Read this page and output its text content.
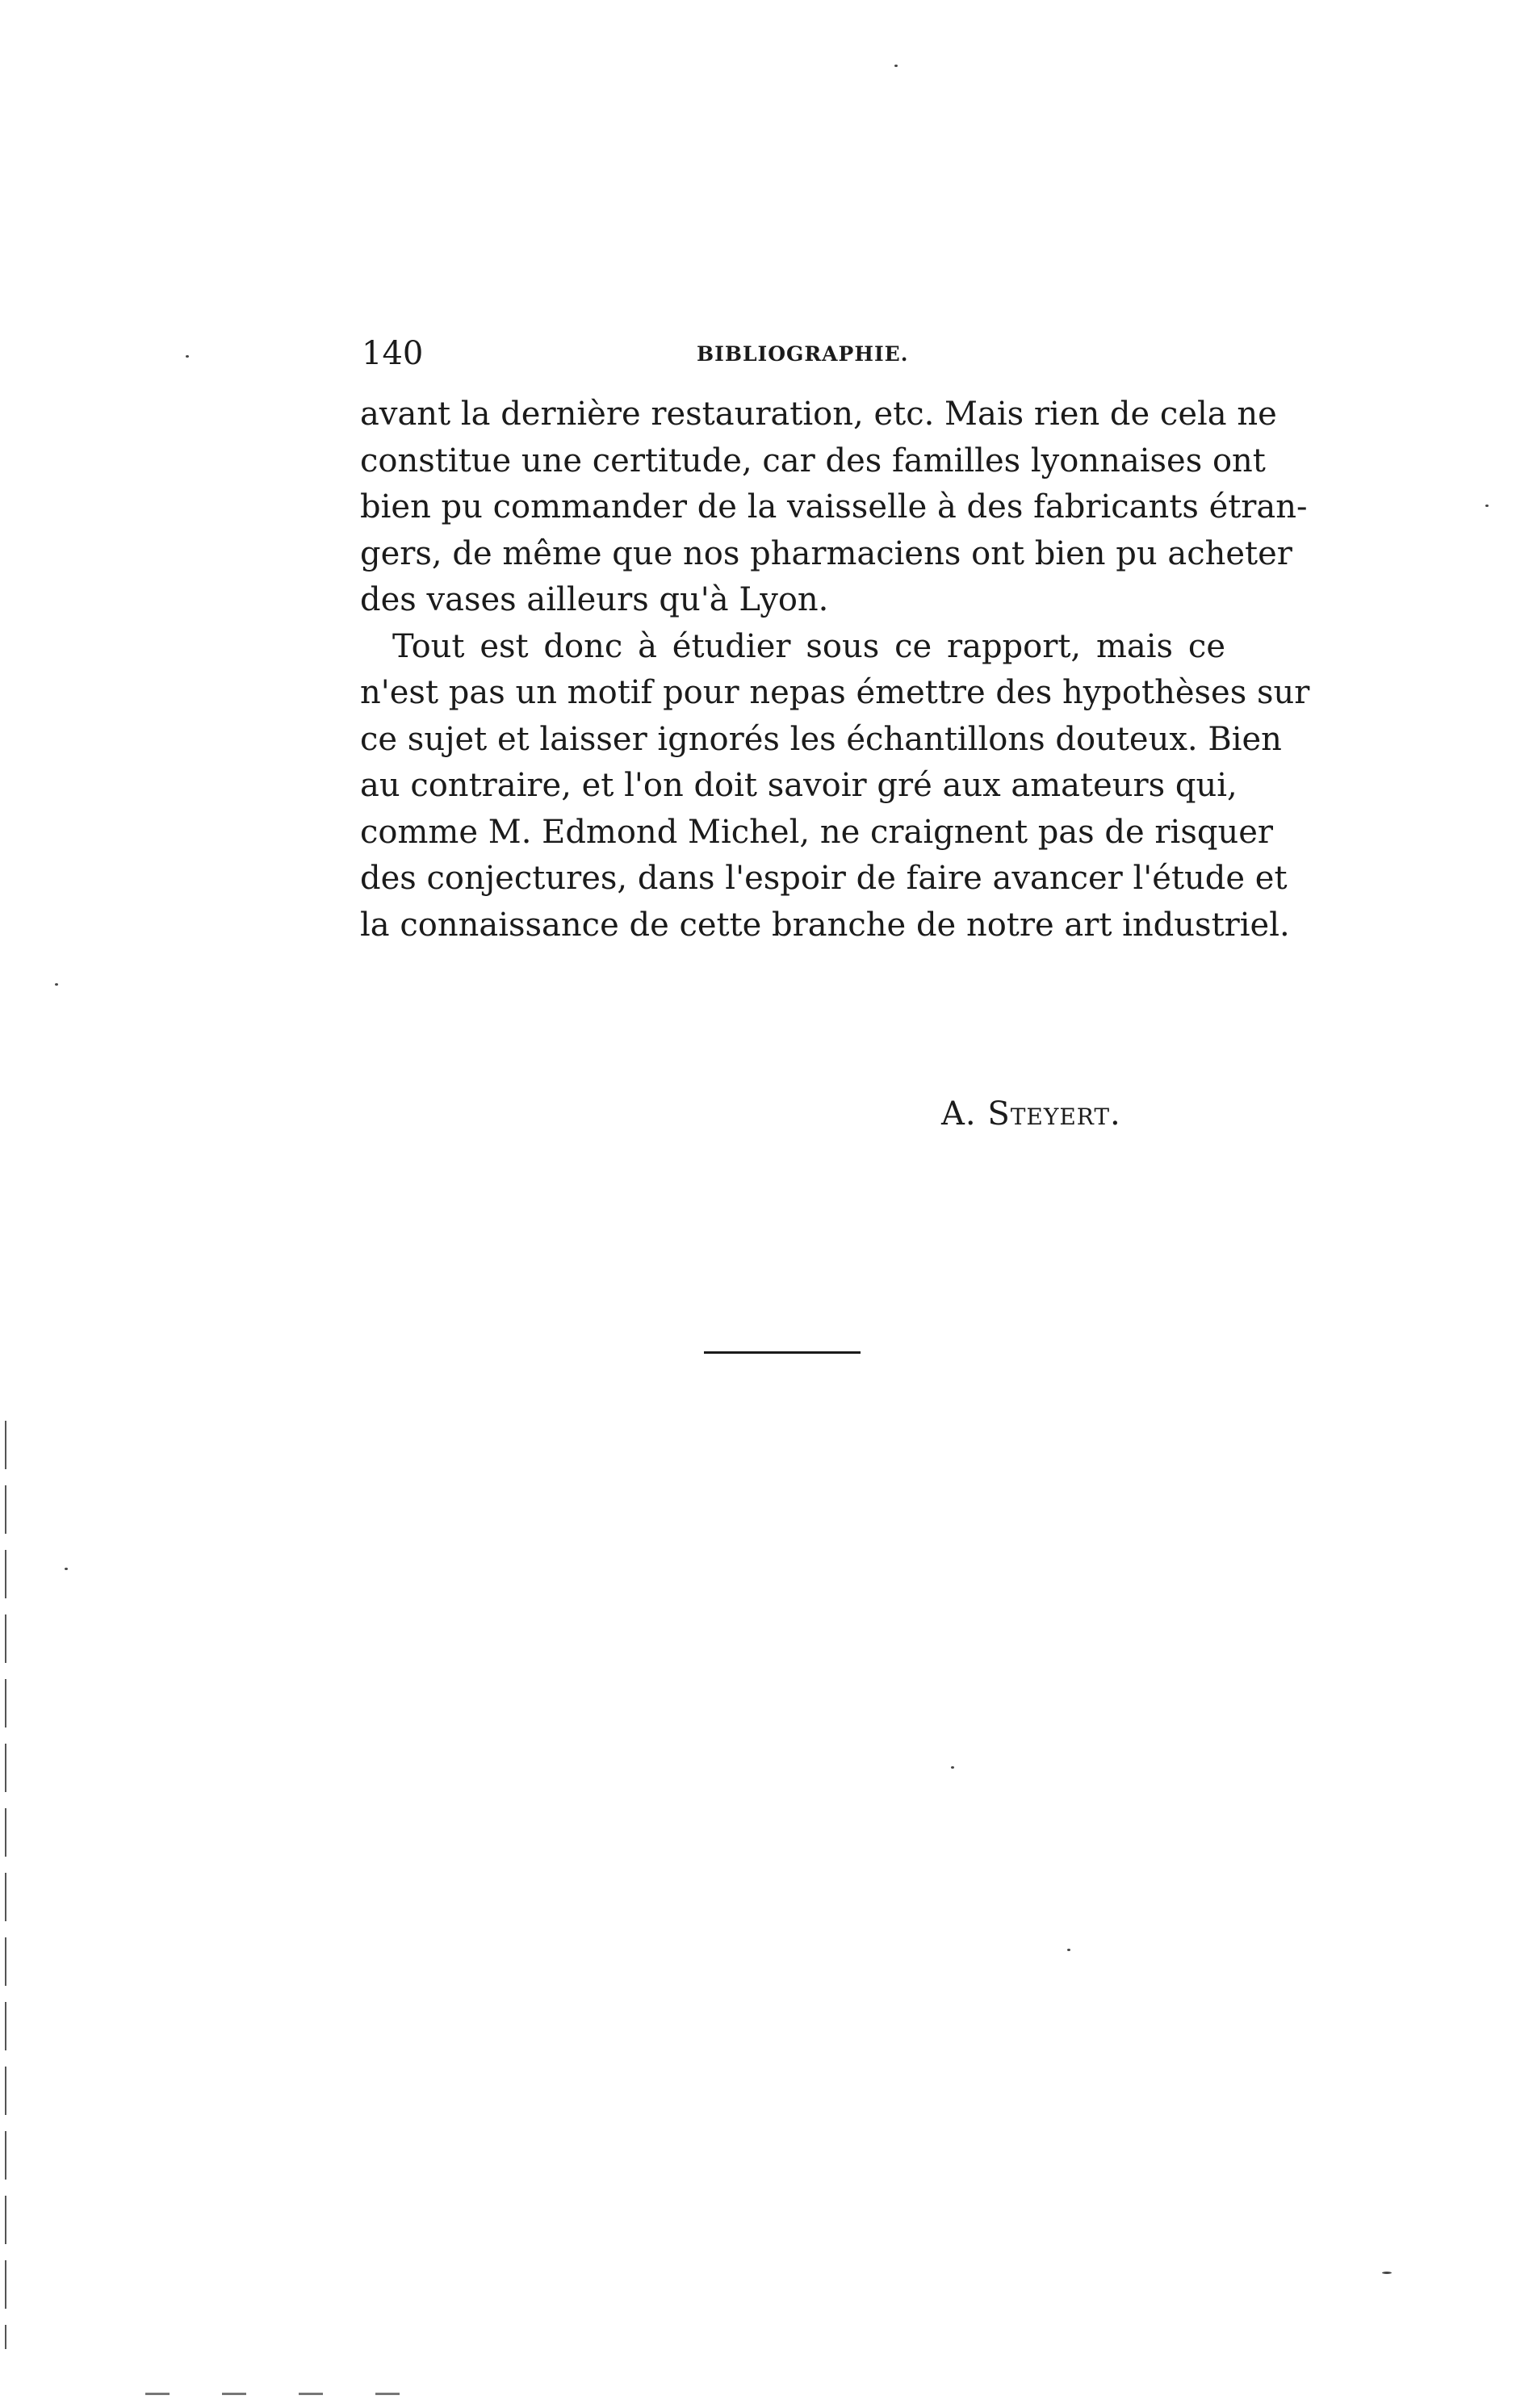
140	BIBLIOGRAPHIE.
avant la dernière restauration, etc. Mais rien de cela ne
constitue une certitude, car des familles lyonnaises ont
bien pu commander de la vaisselle à des fabricants étran-
gers, de même que nos pharmaciens ont bien pu acheter
des vases ailleurs qu'à Lyon.
Tout est donc à étudier sous ce rapport, mais ce
n'est pas un motif pour nepas émettre des hypothèses sur
ce sujet et laisser ignorés les échantillons douteux. Bien
au contraire, et l'on doit savoir gré aux amateurs qui,
comme M. Edmond Michel, ne craignent pas de risquer
des conjectures, dans l'espoir de faire avancer l'étude et
la connaissance de cette branche de notre art industriel.
A. Steyert.
